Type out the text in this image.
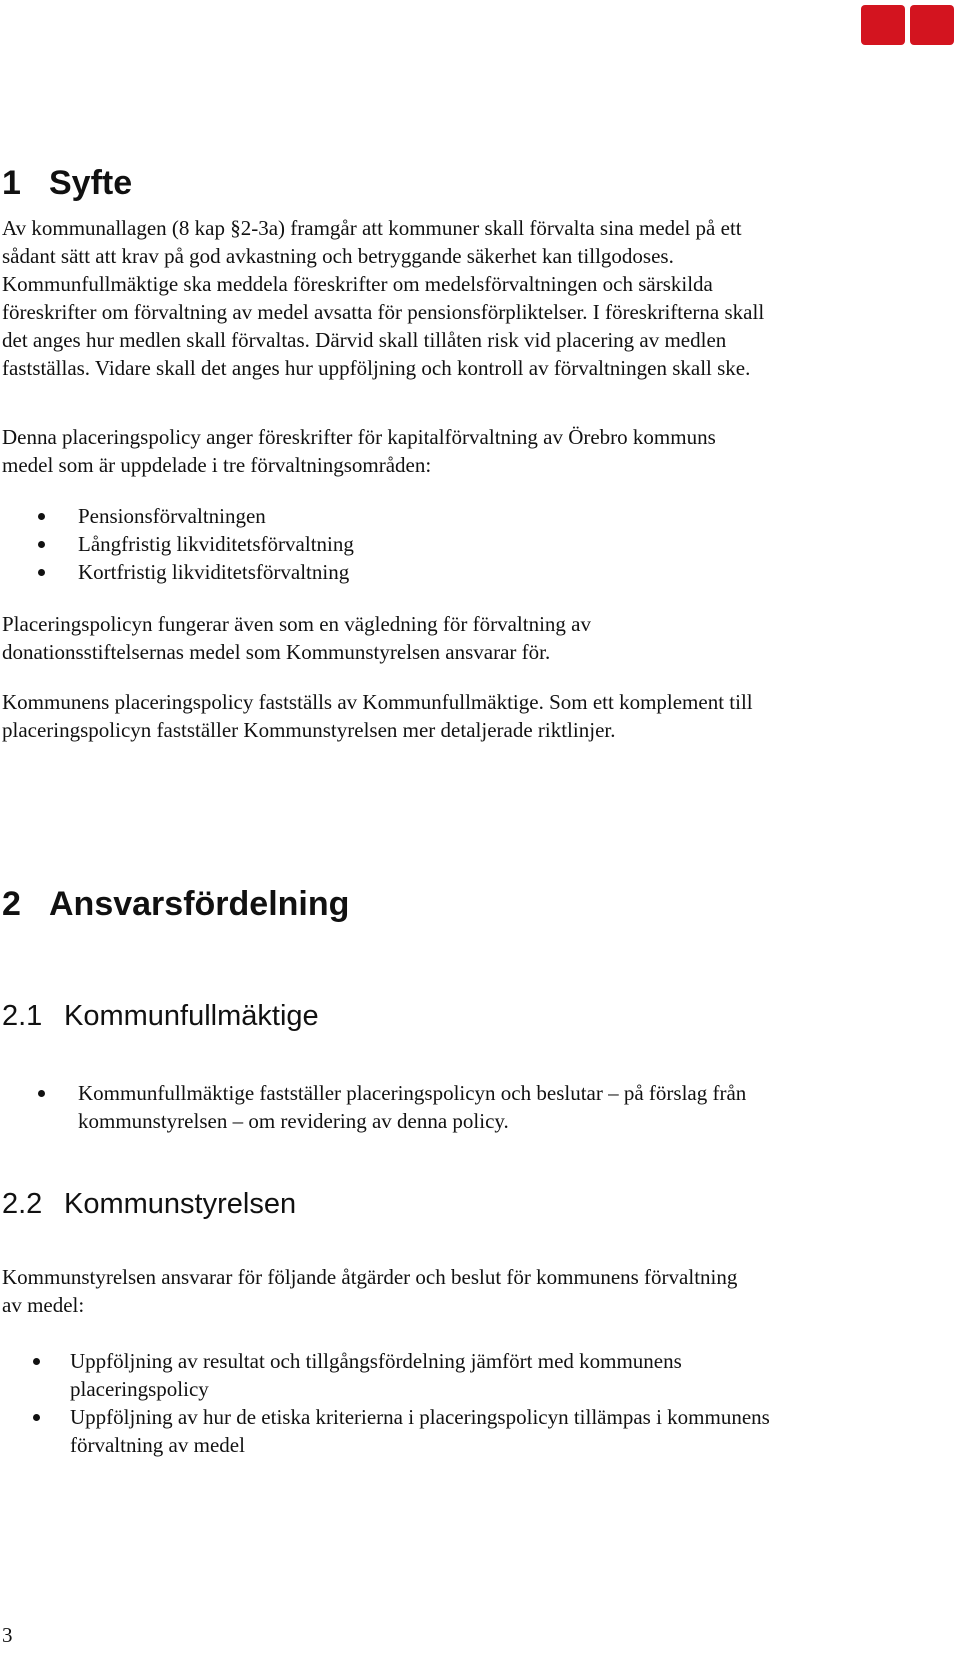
1 Syfte

Av kommunallagen (8 kap §2-3a) framgår att kommuner skall förvalta sina medel på ett sådant sätt att krav på god avkastning och betryggande säkerhet kan tillgodoses. Kommunfullmäktige ska meddela föreskrifter om medelsförvaltningen och särskilda föreskrifter om förvaltning av medel avsatta för pensionsförpliktelser. I föreskrifterna skall det anges hur medlen skall förvaltas. Därvid skall tillåten risk vid placering av medlen fastställas. Vidare skall det anges hur uppföljning och kontroll av förvaltningen skall ske.

Denna placeringspolicy anger föreskrifter för kapitalförvaltning av Örebro kommuns medel som är uppdelade i tre förvaltningsområden:

Pensionsförvaltningen
Långfristig likviditetsförvaltning
Kortfristig likviditetsförvaltning

Placeringspolicyn fungerar även som en vägledning för förvaltning av donationsstiftelsernas medel som Kommunstyrelsen ansvarar för.

Kommunens placeringspolicy fastställs av Kommunfullmäktige. Som ett komplement till placeringspolicyn fastställer Kommunstyrelsen mer detaljerade riktlinjer.

2 Ansvarsfördelning
2.1 Kommunfullmäktige
Kommunfullmäktige fastställer placeringspolicyn och beslutar – på förslag från kommunstyrelsen – om revidering av denna policy.
2.2 Kommunstyrelsen

Kommunstyrelsen ansvarar för följande åtgärder och beslut för kommunens förvaltning av medel:

Uppföljning av resultat och tillgångsfördelning jämfört med kommunens placeringspolicy
Uppföljning av hur de etiska kriterierna i placeringspolicyn tillämpas i kommunens förvaltning av medel
3
